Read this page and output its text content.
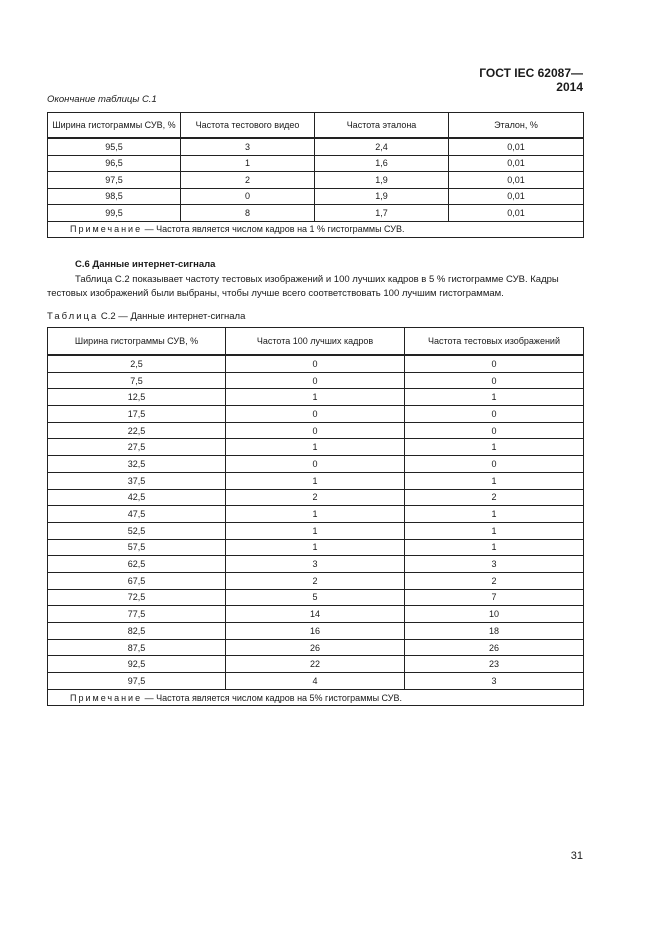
ГОСТ IEC 62087—2014
Окончание таблицы С.1
Ширина гистограммы СУВ, %	Частота тестового видео	Частота эталона	Эталон, %
95,5	3	2,4	0,01
96,5	1	1,6	0,01
97,5	2	1,9	0,01
98,5	0	1,9	0,01
99,5	8	1,7	0,01
Примечание — Частота является числом кадров на 1 % гистограммы СУВ.			
С.6 Данные интернет-сигнала
Таблица С.2 показывает частоту тестовых изображений и 100 лучших кадров в 5 % гистограмме СУВ. Кадры тестовых изображений были выбраны, чтобы лучше всего соответствовать 100 лучшим гистограммам.
Таблица С.2 — Данные интернет-сигнала
Ширина гистограммы СУВ, %	Частота 100 лучших кадров	Частота тестовых изображений
2,5	0	0
7,5	0	0
12,5	1	1
17,5	0	0
22,5	0	0
27,5	1	1
32,5	0	0
37,5	1	1
42,5	2	2
47,5	1	1
52,5	1	1
57,5	1	1
62,5	3	3
67,5	2	2
72,5	5	7
77,5	14	10
82,5	16	18
87,5	26	26
92,5	22	23
97,5	4	3
Примечание — Частота является числом кадров на 5% гистограммы СУВ.		
31
